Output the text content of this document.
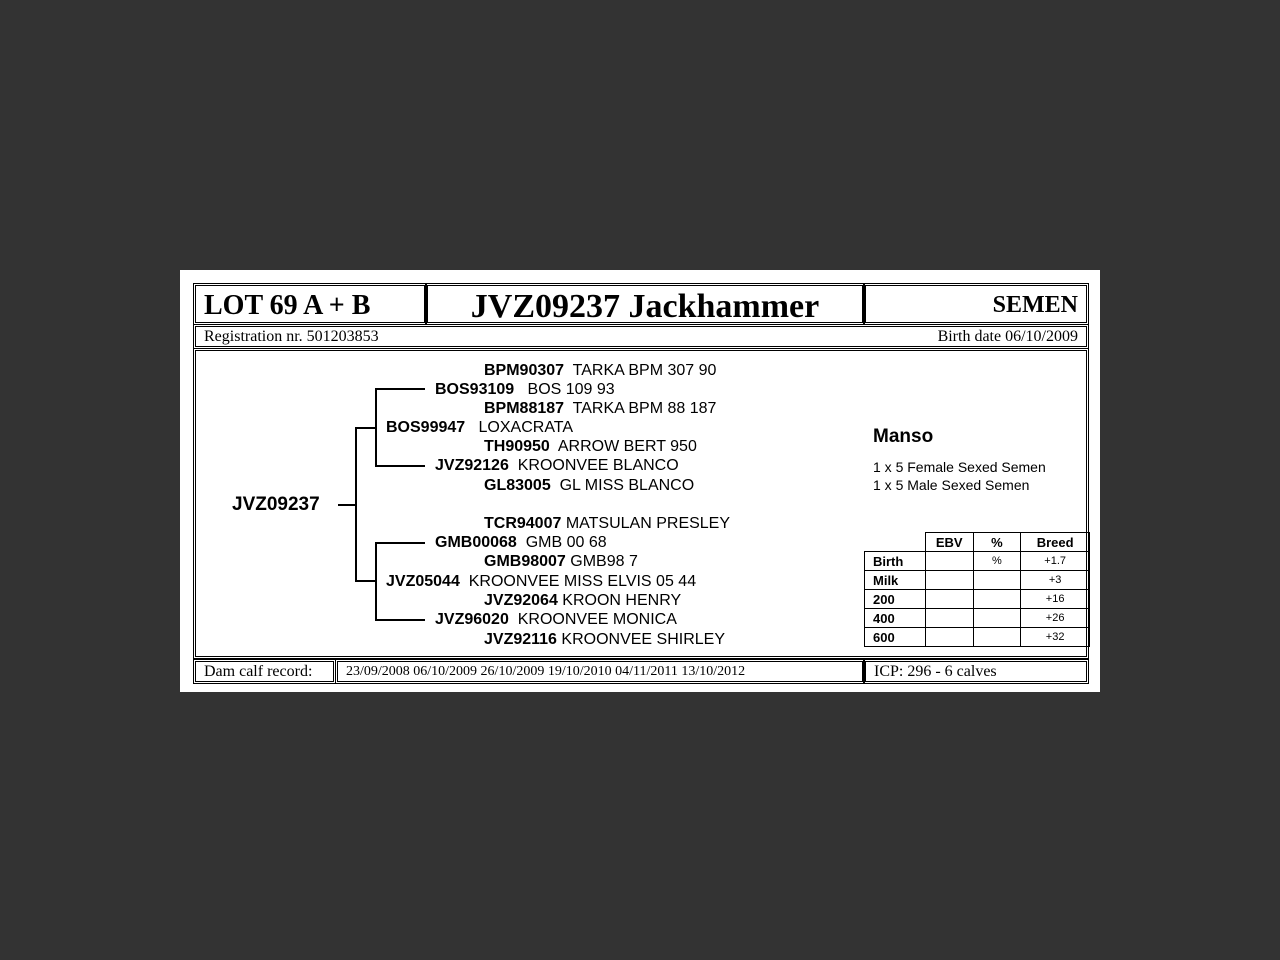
LOT 69 A + B	JVZ09237 Jackhammer	SEMEN
Registration nr. 501203853	Birth date 06/10/2009
JVZ09237
BPM90307 TARKA BPM 307 90
BOS93109 BOS 109 93
BPM88187 TARKA BPM 88 187
BOS99947 LOXACRATA
TH90950 ARROW BERT 950
JVZ92126 KROONVEE BLANCO
GL83005 GL MISS BLANCO
TCR94007 MATSULAN PRESLEY
GMB00068 GMB 00 68
GMB98007 GMB98 7
JVZ05044 KROONVEE MISS ELVIS 05 44
JVZ92064 KROON HENRY
JVZ96020 KROONVEE MONICA
JVZ92116 KROONVEE SHIRLEY
Manso
1 x 5 Female Sexed Semen
1 x 5 Male Sexed Semen
	EBV	%	Breed
Birth		%	+1.7
Milk			+3
200			+16
400			+26
600			+32
Dam calf record: 23/09/2008 06/10/2009 26/10/2009 19/10/2010 04/11/2011 13/10/2012	ICP: 296 - 6 calves
